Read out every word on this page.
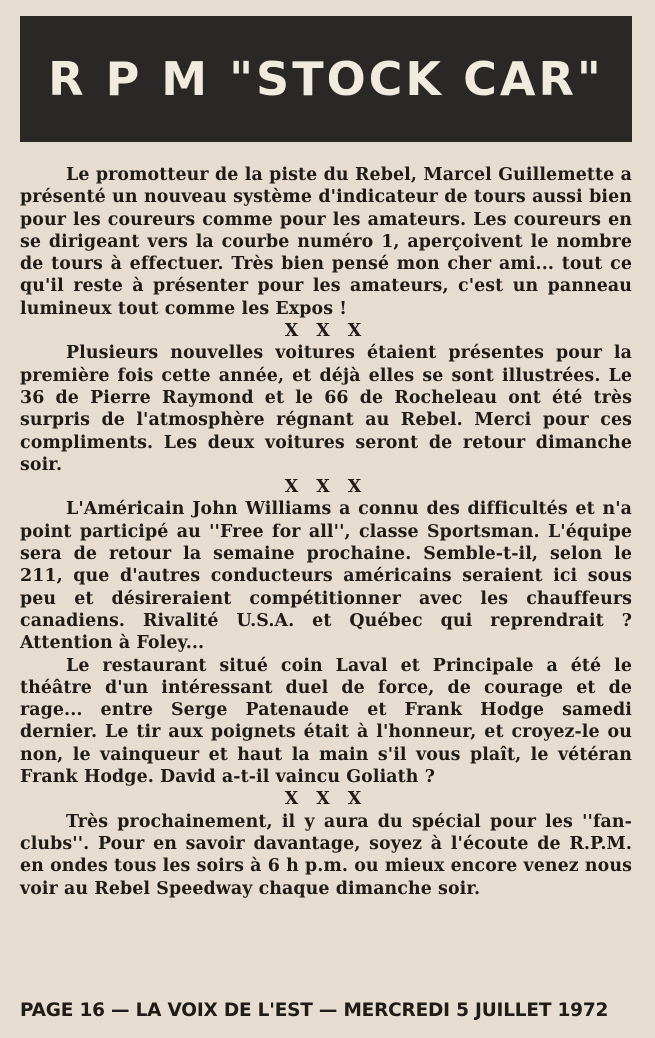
R P M "STOCK CAR"

Le promotteur de la piste du Rebel, Marcel Guillemette a présenté un nouveau système d'indicateur de tours aussi bien pour les coureurs comme pour les amateurs. Les coureurs en se dirigeant vers la courbe numéro 1, aperçoivent le nombre de tours à effectuer. Très bien pensé mon cher ami... tout ce qu'il reste à présenter pour les amateurs, c'est un panneau lumineux tout comme les Expos !

X X X

Plusieurs nouvelles voitures étaient présentes pour la première fois cette année, et déjà elles se sont illustrées. Le 36 de Pierre Raymond et le 66 de Rocheleau ont été très surpris de l'atmosphère régnant au Rebel. Merci pour ces compliments. Les deux voitures seront de retour dimanche soir.

X X X

L'Américain John Williams a connu des difficultés et n'a point participé au ''Free for all'', classe Sportsman. L'équipe sera de retour la semaine prochaine. Semble-t-il, selon le 211, que d'autres conducteurs américains seraient ici sous peu et désireraient compétitionner avec les chauffeurs canadiens. Rivalité U.S.A. et Québec qui reprendrait ? Attention à Foley...

Le restaurant situé coin Laval et Principale a été le théâtre d'un intéressant duel de force, de courage et de rage... entre Serge Patenaude et Frank Hodge samedi dernier. Le tir aux poignets était à l'honneur, et croyez-le ou non, le vainqueur et haut la main s'il vous plaît, le vétéran Frank Hodge. David a-t-il vaincu Goliath ?

X X X

Très prochainement, il y aura du spécial pour les ''fan-clubs''. Pour en savoir davantage, soyez à l'écoute de R.P.M. en ondes tous les soirs à 6 h p.m. ou mieux encore venez nous voir au Rebel Speedway chaque dimanche soir.

PAGE 16 — LA VOIX DE L'EST — MERCREDI 5 JUILLET 1972
